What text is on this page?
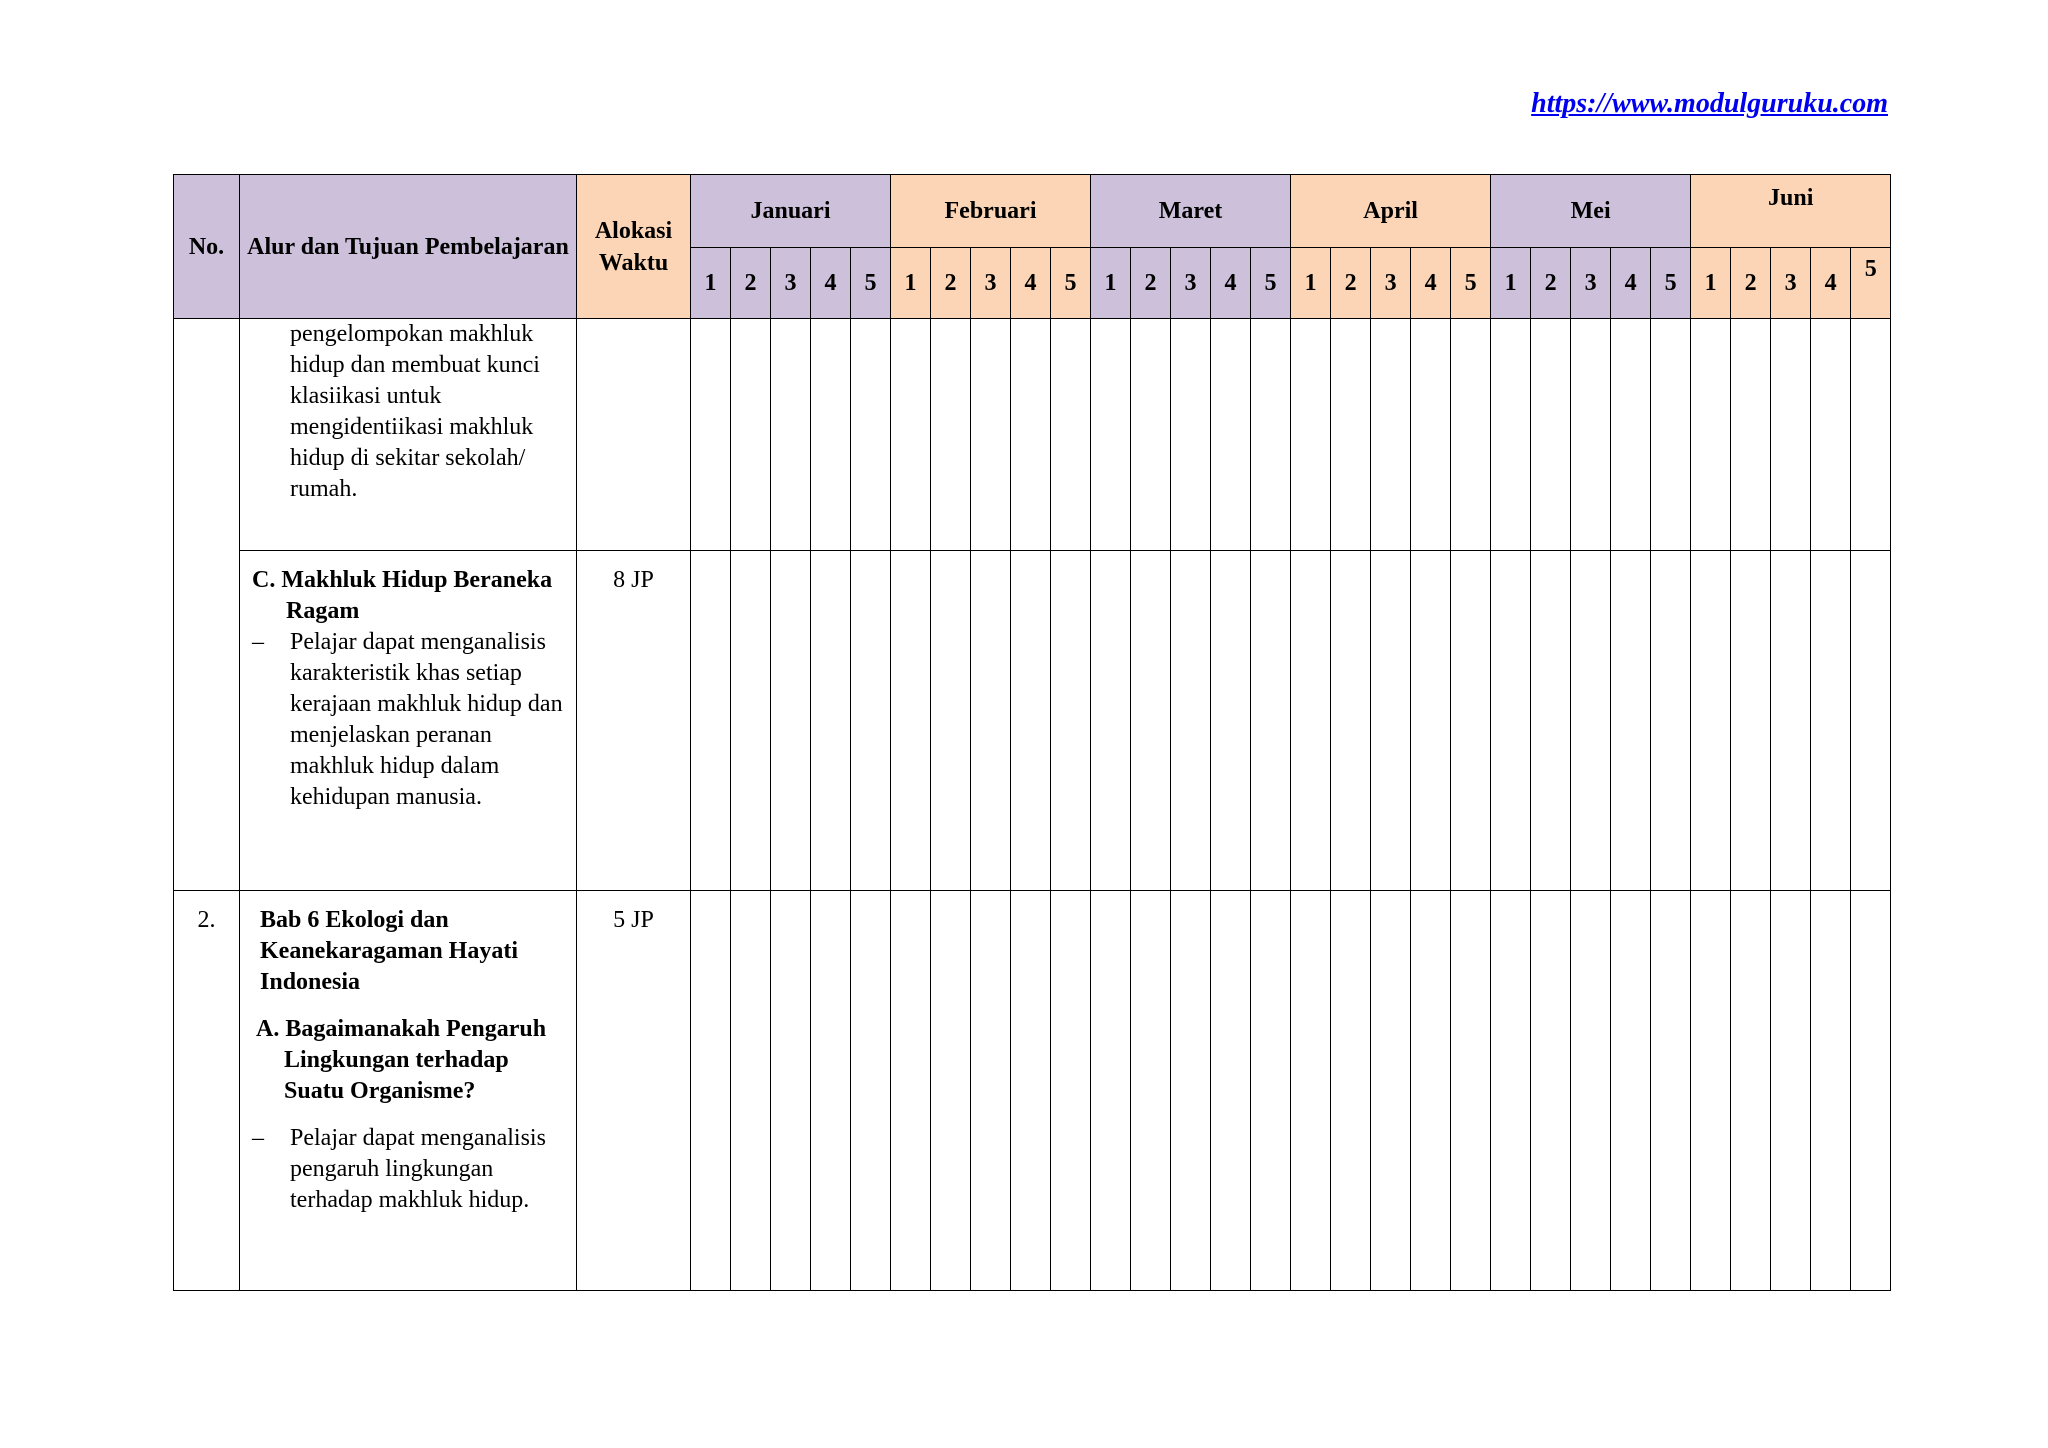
https://www.modulguruku.com
No.	Alur dan Tujuan Pembelajaran	Alokasi Waktu	Januari					Februari					Maret					April					Mei					Juni				
			1	2	3	4	5	1	2	3	4	5	1	2	3	4	5	1	2	3	4	5	1	2	3	4	5	1	2	3	4	5

	pengelompokan makhluk hidup dan membuat kunci klasiikasi untuk mengidentiikasi makhluk hidup di sekitar sekolah/ rumah.																															

	C. Makhluk Hidup Beraneka Ragam
– Pelajar dapat menganalisis karakteristik khas setiap kerajaan makhluk hidup dan menjelaskan peranan makhluk hidup dalam kehidupan manusia.	8 JP																														
2.	Bab 6 Ekologi dan Keanekaragaman Hayati Indonesia
A. Bagaimanakah Pengaruh Lingkungan terhadap Suatu Organisme?
– Pelajar dapat menganalisis pengaruh lingkungan terhadap makhluk hidup.	5 JP																														
